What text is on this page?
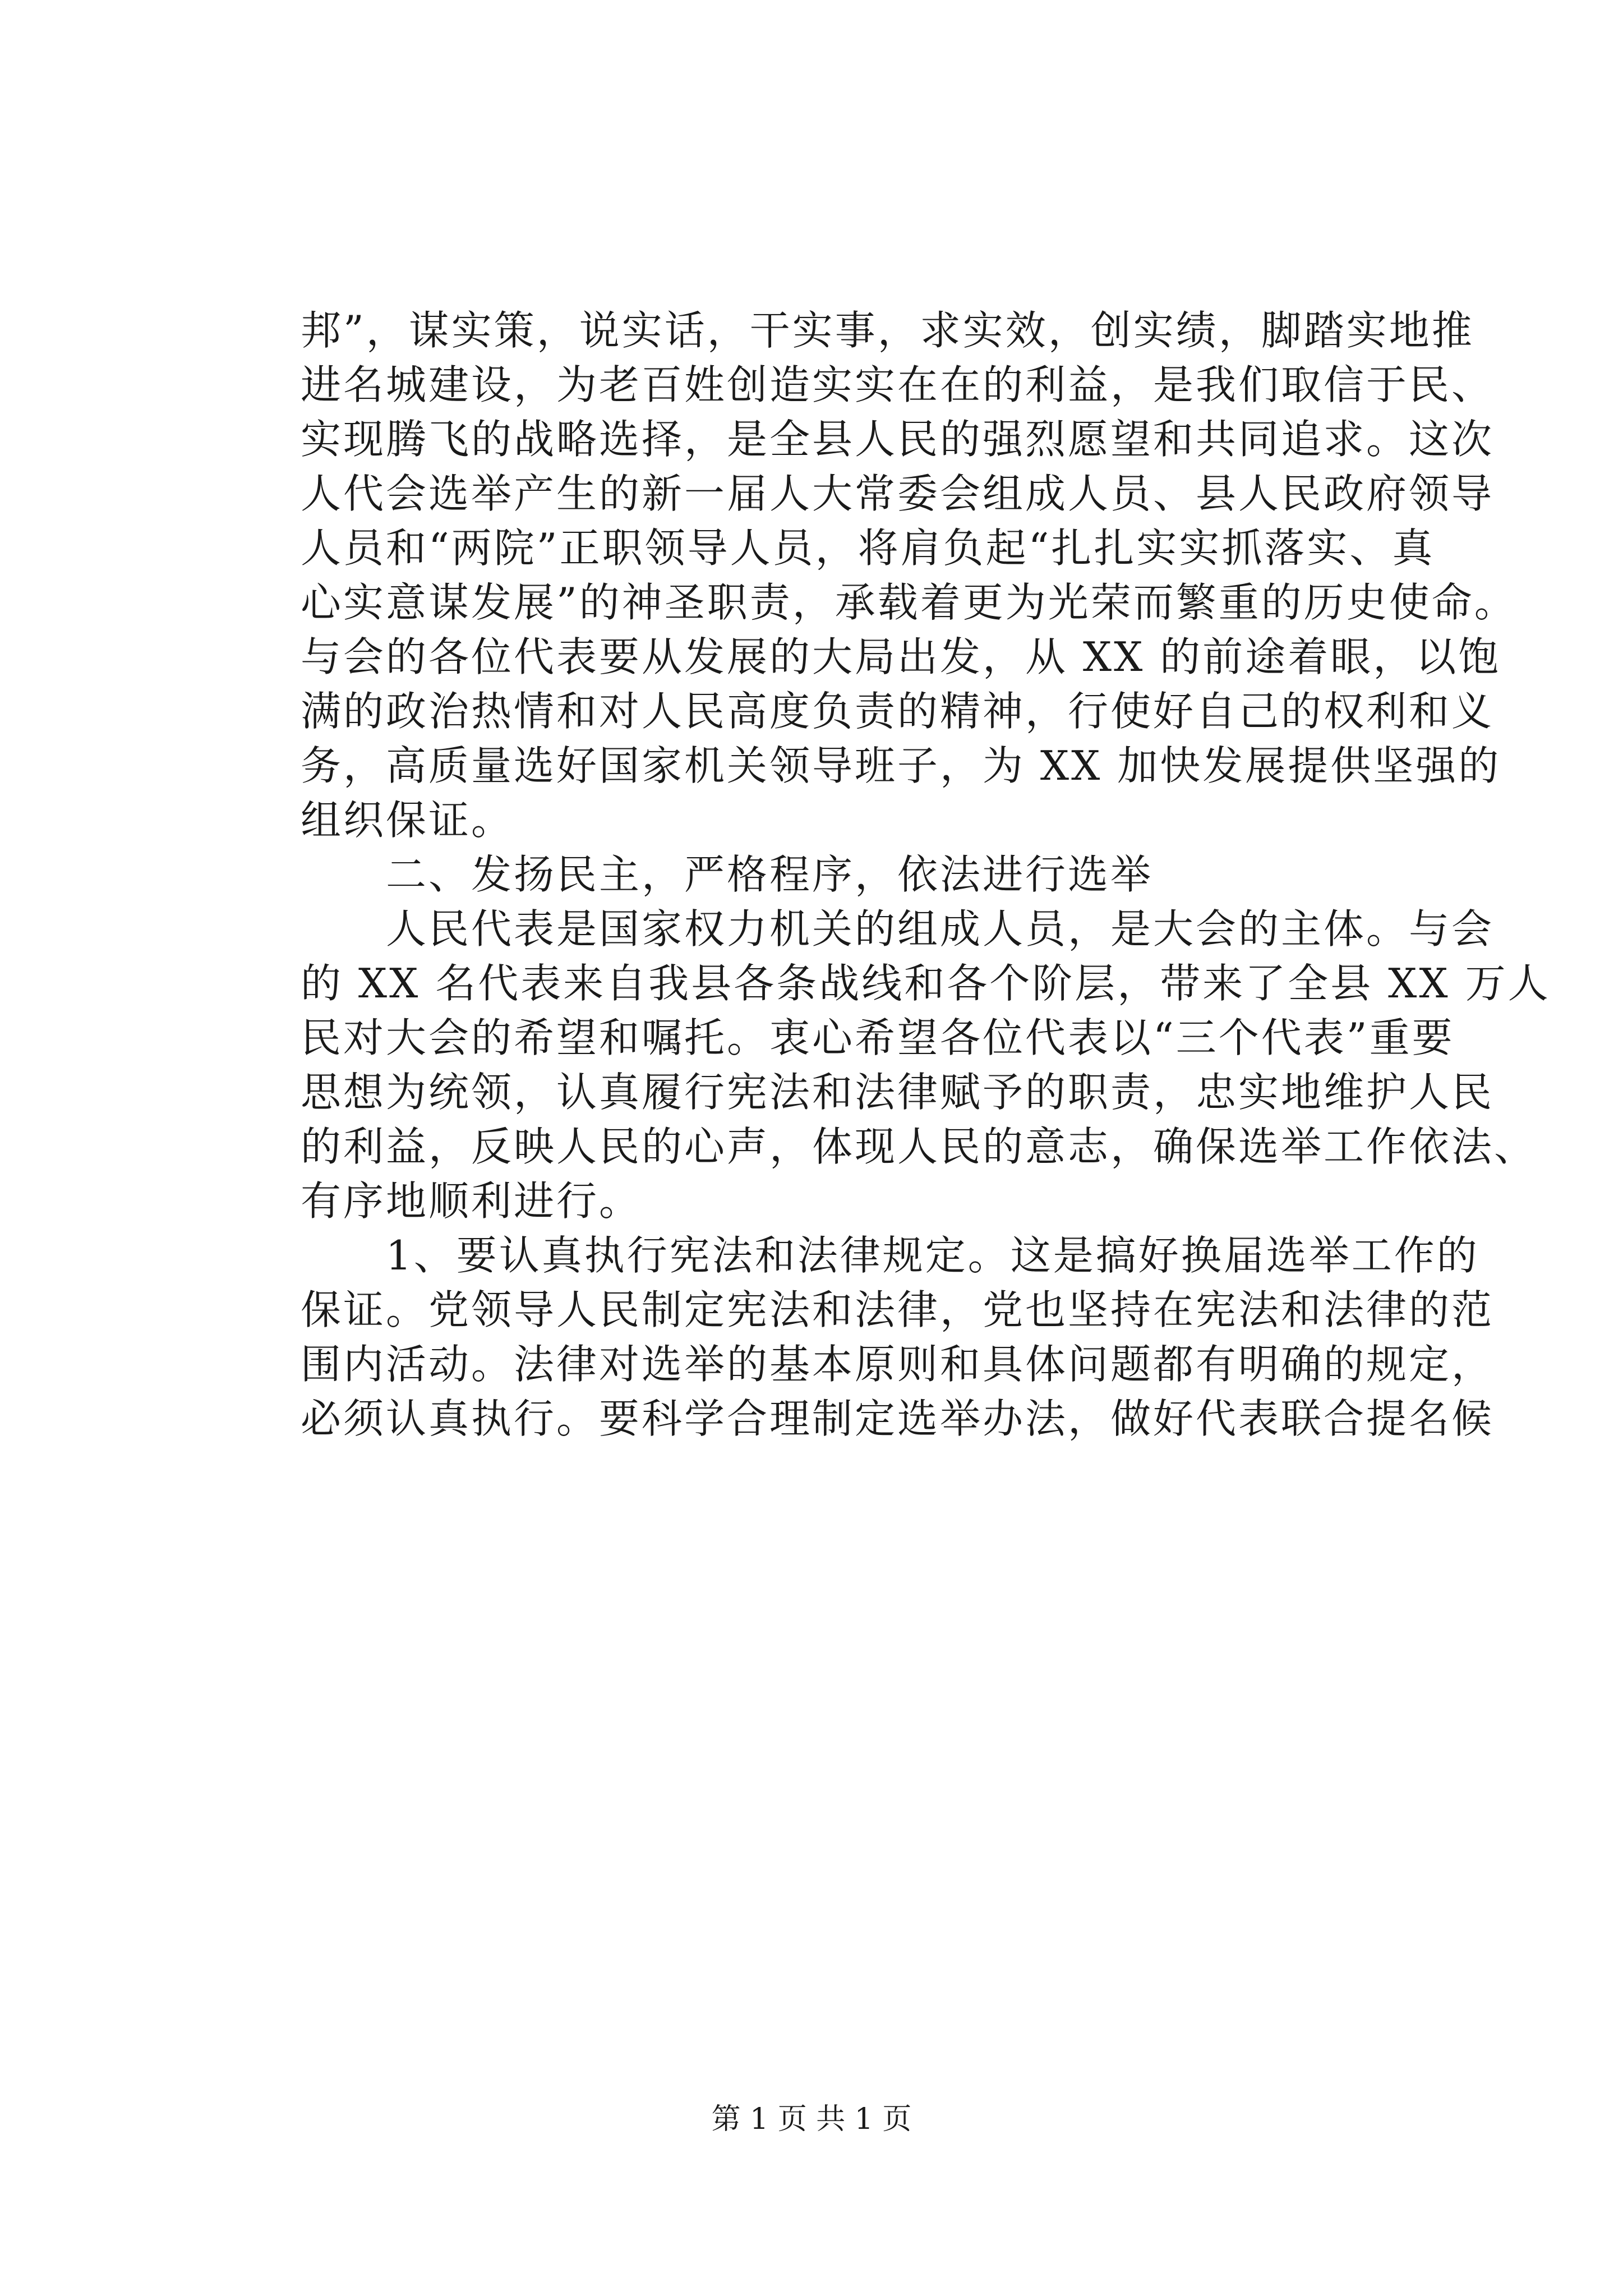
邦”，谋实策，说实话，干实事，求实效，创实绩，脚踏实地推
进名城建设，为老百姓创造实实在在的利益，是我们取信于民、
实现腾飞的战略选择，是全县人民的强烈愿望和共同追求。这次
人代会选举产生的新一届人大常委会组成人员、县人民政府领导
人员和“两院”正职领导人员，将肩负起“扎扎实实抓落实、真
心实意谋发展”的神圣职责，承载着更为光荣而繁重的历史使命。
与会的各位代表要从发展的大局出发，从 XX 的前途着眼，以饱
满的政治热情和对人民高度负责的精神，行使好自己的权利和义
务，高质量选好国家机关领导班子，为 XX 加快发展提供坚强的
组织保证。
二、发扬民主，严格程序，依法进行选举
人民代表是国家权力机关的组成人员，是大会的主体。与会
的 XX 名代表来自我县各条战线和各个阶层，带来了全县 XX 万人
民对大会的希望和嘱托。衷心希望各位代表以“三个代表”重要
思想为统领，认真履行宪法和法律赋予的职责，忠实地维护人民
的利益，反映人民的心声，体现人民的意志，确保选举工作依法、
有序地顺利进行。
1、要认真执行宪法和法律规定。这是搞好换届选举工作的
保证。党领导人民制定宪法和法律，党也坚持在宪法和法律的范
围内活动。法律对选举的基本原则和具体问题都有明确的规定，
必须认真执行。要科学合理制定选举办法，做好代表联合提名候
第 1 页 共 1 页
